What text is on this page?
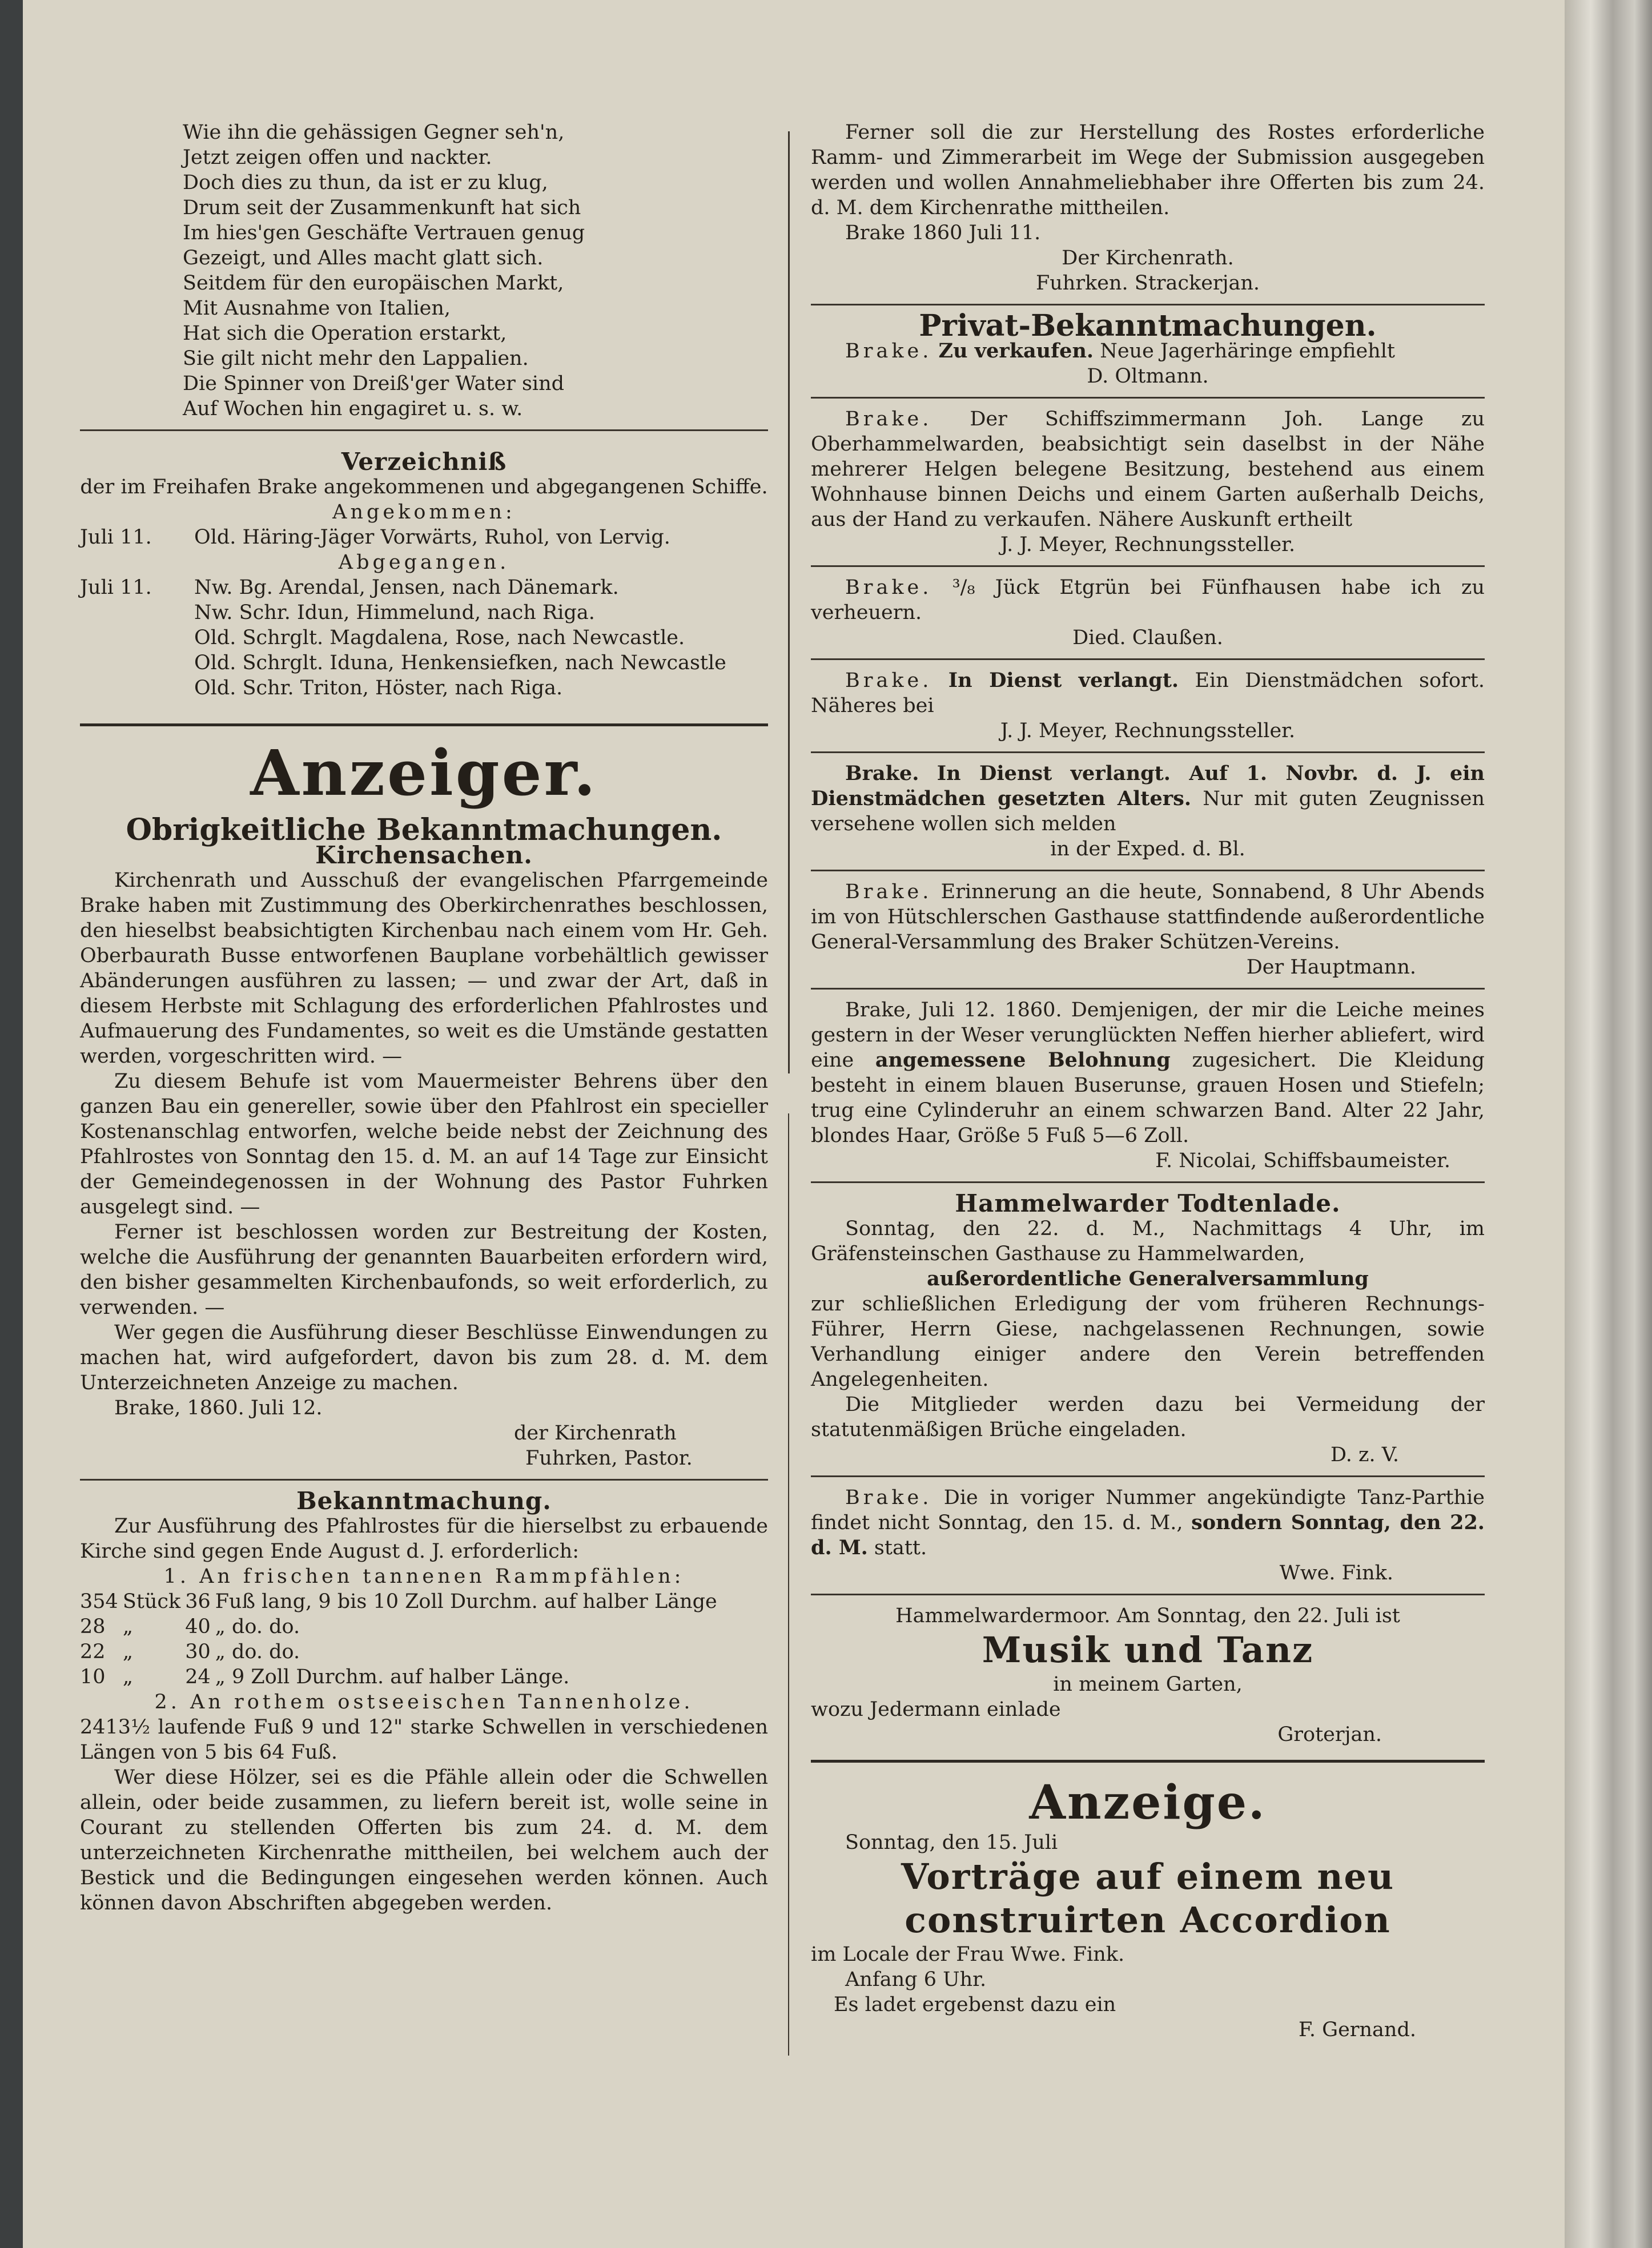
Wie ihn die gehässigen Gegner seh'n,

Jetzt zeigen offen und nackter.

Doch dies zu thun, da ist er zu klug,

Drum seit der Zusammenkunft hat sich

Im hies'gen Geschäfte Vertrauen genug

Gezeigt, und Alles macht glatt sich.

Seitdem für den europäischen Markt,

Mit Ausnahme von Italien,

Hat sich die Operation erstarkt,

Sie gilt nicht mehr den Lappalien.

Die Spinner von Dreiß'ger Water sind

Auf Wochen hin engagiret u. s. w.

Verzeichniß

der im Freihafen Brake angekommenen und abgegangenen Schiffe.

Angekommen:

Juli 11.	Old. Häring-Jäger Vorwärts, Ruhol, von Lervig.

Abgegangen.

Juli 11.	Nw. Bg. Arendal, Jensen, nach Dänemark.
Nw. Schr. Idun, Himmelund, nach Riga.
Old. Schrglt. Magdalena, Rose, nach Newcastle.
Old. Schrglt. Iduna, Henkensiefken, nach Newcastle
Old. Schr. Triton, Höster, nach Riga.

Anzeiger.

Obrigkeitliche Bekanntmachungen.

Kirchensachen.

Kirchenrath und Ausschuß der evangelischen Pfarrgemeinde Brake haben mit Zustimmung des Oberkirchenrathes beschlossen, den hieselbst beabsichtigten Kirchenbau nach einem vom Hr. Geh. Oberbaurath Busse entworfenen Bauplane vorbehältlich gewisser Abänderungen ausführen zu lassen; — und zwar der Art, daß in diesem Herbste mit Schlagung des erforderlichen Pfahlrostes und Aufmauerung des Fundamentes, so weit es die Umstände gestatten werden, vorgeschritten wird. —

Zu diesem Behufe ist vom Mauermeister Behrens über den ganzen Bau ein genereller, sowie über den Pfahlrost ein specieller Kostenanschlag entworfen, welche beide nebst der Zeichnung des Pfahlrostes von Sonntag den 15. d. M. an auf 14 Tage zur Einsicht der Gemeindegenossen in der Wohnung des Pastor Fuhrken ausgelegt sind. —

Ferner ist beschlossen worden zur Bestreitung der Kosten, welche die Ausführung der genannten Bauarbeiten erfordern wird, den bisher gesammelten Kirchenbaufonds, so weit erforderlich, zu verwenden. —

Wer gegen die Ausführung dieser Beschlüsse Einwendungen zu machen hat, wird aufgefordert, davon bis zum 28. d. M. dem Unterzeichneten Anzeige zu machen.

Brake, 1860. Juli 12.

der Kirchenrath

Fuhrken, Pastor.

Bekanntmachung.

Zur Ausführung des Pfahlrostes für die hierselbst zu erbauende Kirche sind gegen Ende August d. J. erforderlich:

1. An frischen tannenen Rammpfählen:

354	Stück	36	Fuß lang, 9 bis 10 Zoll Durchm. auf halber Länge
28	„	40	„ do. do.
22	„	30	„ do. do.
10	„	24	„ 9 Zoll Durchm. auf halber Länge.

2. An rothem ostseeischen Tannenholze.

2413½ laufende Fuß 9 und 12" starke Schwellen in verschiedenen Längen von 5 bis 64 Fuß.

Wer diese Hölzer, sei es die Pfähle allein oder die Schwellen allein, oder beide zusammen, zu liefern bereit ist, wolle seine in Courant zu stellenden Offerten bis zum 24. d. M. dem unterzeichneten Kirchenrathe mittheilen, bei welchem auch der Bestick und die Bedingungen eingesehen werden können. Auch können davon Abschriften abgegeben werden.

Ferner soll die zur Herstellung des Rostes erforderliche Ramm- und Zimmerarbeit im Wege der Submission ausgegeben werden und wollen Annahmeliebhaber ihre Offerten bis zum 24. d. M. dem Kirchenrathe mittheilen.

Brake 1860 Juli 11.

Der Kirchenrath.

Fuhrken. Strackerjan.

Privat-Bekanntmachungen.

Brake. Zu verkaufen. Neue Jagerhäringe empfiehlt

D. Oltmann.

Brake. Der Schiffszimmermann Joh. Lange zu Oberhammelwarden, beabsichtigt sein daselbst in der Nähe mehrerer Helgen belegene Besitzung, bestehend aus einem Wohnhause binnen Deichs und einem Garten außerhalb Deichs, aus der Hand zu verkaufen. Nähere Auskunft ertheilt

J. J. Meyer, Rechnungssteller.

Brake. ³/₈ Jück Etgrün bei Fünfhausen habe ich zu verheuern.

Died. Claußen.

Brake. In Dienst verlangt. Ein Dienstmädchen sofort. Näheres bei

J. J. Meyer, Rechnungssteller.

Brake. In Dienst verlangt. Auf 1. Novbr. d. J. ein Dienstmädchen gesetzten Alters. Nur mit guten Zeugnissen versehene wollen sich melden

in der Exped. d. Bl.

Brake. Erinnerung an die heute, Sonnabend, 8 Uhr Abends im von Hütschlerschen Gasthause stattfindende außerordentliche General-Versammlung des Braker Schützen-Vereins.

Der Hauptmann.

Brake, Juli 12. 1860. Demjenigen, der mir die Leiche meines gestern in der Weser verunglückten Neffen hierher abliefert, wird eine angemessene Belohnung zugesichert. Die Kleidung besteht in einem blauen Buserunse, grauen Hosen und Stiefeln; trug eine Cylinderuhr an einem schwarzen Band. Alter 22 Jahr, blondes Haar, Größe 5 Fuß 5—6 Zoll.

F. Nicolai, Schiffsbaumeister.

Hammelwarder Todtenlade.

Sonntag, den 22. d. M., Nachmittags 4 Uhr, im Gräfensteinschen Gasthause zu Hammelwarden,

außerordentliche Generalversammlung

zur schließlichen Erledigung der vom früheren Rechnungs-Führer, Herrn Giese, nachgelassenen Rechnungen, sowie Verhandlung einiger andere den Verein betreffenden Angelegenheiten.

Die Mitglieder werden dazu bei Vermeidung der statutenmäßigen Brüche eingeladen.

D. z. V.

Brake. Die in voriger Nummer angekündigte Tanz-Parthie findet nicht Sonntag, den 15. d. M., sondern Sonntag, den 22. d. M. statt.

Wwe. Fink.

Hammelwardermoor. Am Sonntag, den 22. Juli ist

Musik und Tanz

in meinem Garten,

wozu Jedermann einlade

Groterjan.

Anzeige.

Sonntag, den 15. Juli

Vorträge auf einem neu construirten Accordion

im Locale der Frau Wwe. Fink.

Anfang 6 Uhr.

Es ladet ergebenst dazu ein

F. Gernand.
